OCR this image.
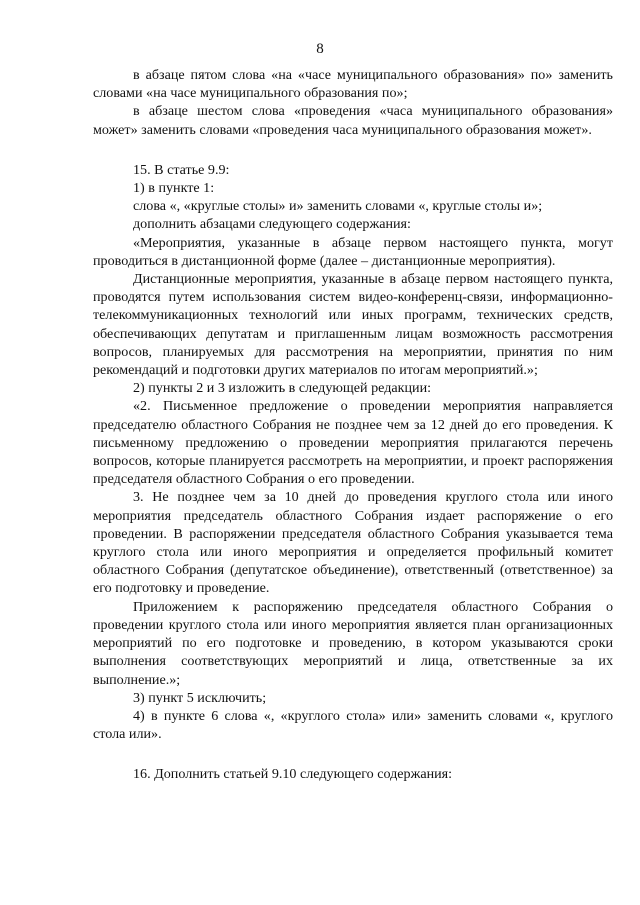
8

в абзаце пятом слова «на «часе муниципального образования» по» заменить словами «на часе муниципального образования по»;

в абзаце шестом слова «проведения «часа муниципального образования» может» заменить словами «проведения часа муниципального образования может».

15. В статье 9.9:

1) в пункте 1:

слова «, «круглые столы» и» заменить словами «, круглые столы и»;

дополнить абзацами следующего содержания:

«Мероприятия, указанные в абзаце первом настоящего пункта, могут проводиться в дистанционной форме (далее – дистанционные мероприятия).

Дистанционные мероприятия, указанные в абзаце первом настоящего пункта, проводятся путем использования систем видео-конференц-связи, информационно-телекоммуникационных технологий или иных программ, технических средств, обеспечивающих депутатам и приглашенным лицам возможность рассмотрения вопросов, планируемых для рассмотрения на мероприятии, принятия по ним рекомендаций и подготовки других материалов по итогам мероприятий.»;

2) пункты 2 и 3 изложить в следующей редакции:

«2. Письменное предложение о проведении мероприятия направляется председателю областного Собрания не позднее чем за 12 дней до его проведения. К письменному предложению о проведении мероприятия прилагаются перечень вопросов, которые планируется рассмотреть на мероприятии, и проект распоряжения председателя областного Собрания о его проведении.

3. Не позднее чем за 10 дней до проведения круглого стола или иного мероприятия председатель областного Собрания издает распоряжение о его проведении. В распоряжении председателя областного Собрания указывается тема круглого стола или иного мероприятия и определяется профильный комитет областного Собрания (депутатское объединение), ответственный (ответственное) за его подготовку и проведение.

Приложением к распоряжению председателя областного Собрания о проведении круглого стола или иного мероприятия является план организационных мероприятий по его подготовке и проведению, в котором указываются сроки выполнения соответствующих мероприятий и лица, ответственные за их выполнение.»;

3) пункт 5 исключить;

4) в пункте 6 слова «, «круглого стола» или» заменить словами «, круглого стола или».

16. Дополнить статьей 9.10 следующего содержания:
